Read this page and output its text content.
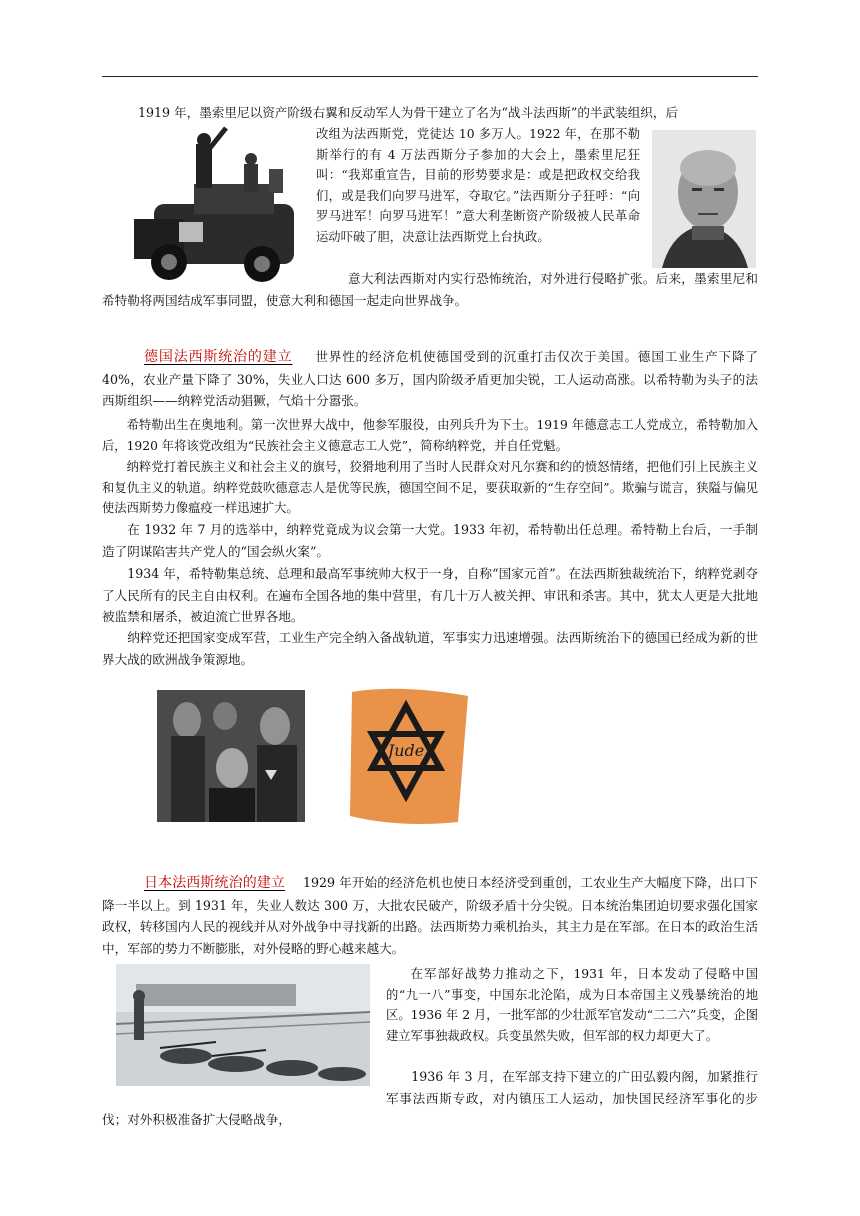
1919 年，墨索里尼以资产阶级右翼和反动军人为骨干建立了名为“战斗法西斯”的半武装组织，后

改组为法西斯党，党徒达 10 多万人。1922 年，在那不勒斯举行的有 4 万法西斯分子参加的大会上，墨索里尼狂叫：“我郑重宣告，目前的形势要求是：或是把政权交给我们，或是我们向罗马进军，夺取它。”法西斯分子狂呼：“向罗马进军！向罗马进军！”意大利垄断资产阶级被人民革命运动吓破了胆，决意让法西斯党上台执政。

意大利法西斯对内实行恐怖统治，对外进行侵略扩张。后来，墨索里尼和希特勒将两国结成军事同盟，使意大利和德国一起走向世界战争。

德国法西斯统治的建立 世界性的经济危机使德国受到的沉重打击仅次于美国。德国工业生产下降了 40%，农业产量下降了 30%，失业人口达 600 多万，国内阶级矛盾更加尖锐，工人运动高涨。以希特勒为头子的法西斯组织——纳粹党活动猖獗，气焰十分嚣张。

希特勒出生在奥地利。第一次世界大战中，他参军服役，由列兵升为下士。1919 年德意志工人党成立，希特勒加入后，1920 年将该党改组为“民族社会主义德意志工人党”，简称纳粹党，并自任党魁。

纳粹党打着民族主义和社会主义的旗号，狡猾地利用了当时人民群众对凡尔赛和约的愤怒情绪，把他们引上民族主义和复仇主义的轨道。纳粹党鼓吹德意志人是优等民族，德国空间不足，要获取新的“生存空间”。欺骗与谎言，狭隘与偏见使法西斯势力像瘟疫一样迅速扩大。

在 1932 年 7 月的选举中，纳粹党竟成为议会第一大党。1933 年初，希特勒出任总理。希特勒上台后，一手制造了阴谋陷害共产党人的“国会纵火案”。

1934 年，希特勒集总统、总理和最高军事统帅大权于一身，自称“国家元首”。在法西斯独裁统治下，纳粹党剥夺了人民所有的民主自由权利。在遍布全国各地的集中营里，有几十万人被关押、审讯和杀害。其中，犹太人更是大批地被监禁和屠杀，被迫流亡世界各地。

纳粹党还把国家变成军营，工业生产完全纳入备战轨道，军事实力迅速增强。法西斯统治下的德国已经成为新的世界大战的欧洲战争策源地。

Jude
日本法西斯统治的建立 1929 年开始的经济危机也使日本经济受到重创，工农业生产大幅度下降，出口下降一半以上。到 1931 年，失业人数达 300 万，大批农民破产，阶级矛盾十分尖锐。日本统治集团迫切要求强化国家政权，转移国内人民的视线并从对外战争中寻找新的出路。法西斯势力乘机抬头，其主力是在军部。在日本的政治生活中，军部的势力不断膨胀，对外侵略的野心越来越大。

在军部好战势力推动之下，1931 年，日本发动了侵略中国的“九一八”事变，中国东北沦陷，成为日本帝国主义残暴统治的地区。1936 年 2 月，一批军部的少壮派军官发动“二二六”兵变，企图建立军事独裁政权。兵变虽然失败，但军部的权力却更大了。

1936 年 3 月，在军部支持下建立的广田弘毅内阁，加紧推行军事法西斯专政，对内镇压工人运动，加快国民经济军事化的步伐；对外积极准备扩大侵略战争，
